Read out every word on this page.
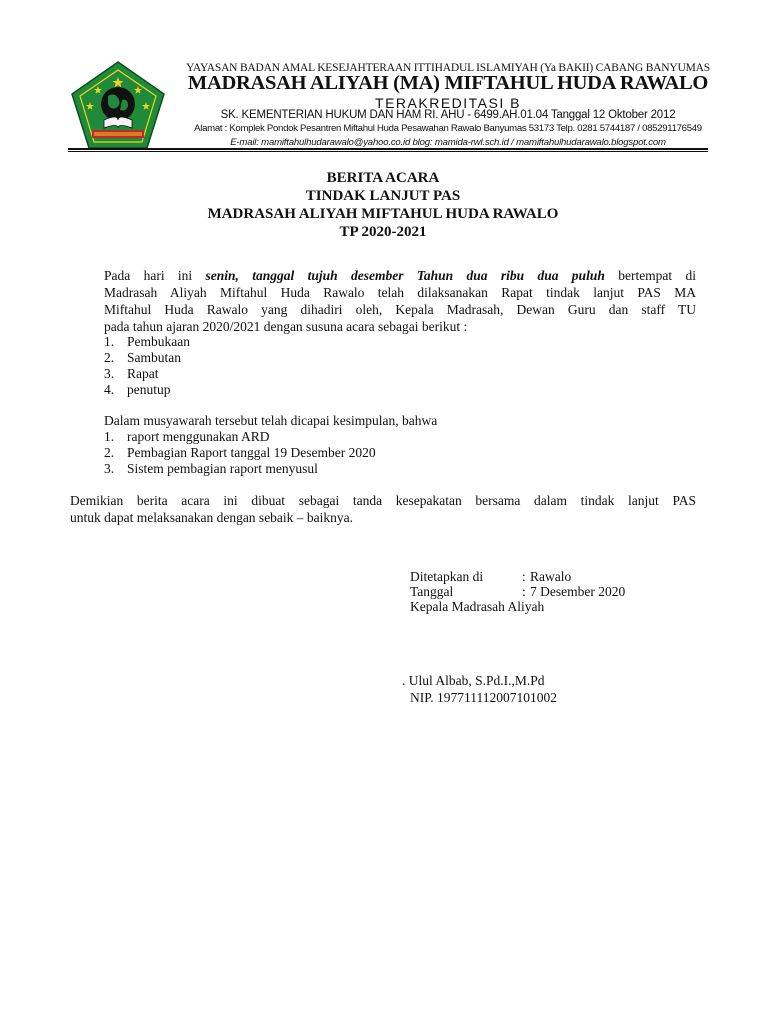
YAYASAN BADAN AMAL KESEJAHTERAAN ITTIHADUL ISLAMIYAH (Ya BAKII) CABANG BANYUMAS
MADRASAH ALIYAH (MA) MIFTAHUL HUDA RAWALO
TERAKREDITASI B
SK. KEMENTERIAN HUKUM DAN HAM RI. AHU - 6499.AH.01.04 Tanggal 12 Oktober 2012
Alamat : Komplek Pondok Pesantren Miftahul Huda Pesawahan Rawalo Banyumas 53173 Telp. 0281 5744187 / 085291176549
E-mail: mamiftahulhudarawalo@yahoo.co.id blog: mamida-rwl.sch.id / mamiftahulhudarawalo.blogspot.com
BERITA ACARA
TINDAK LANJUT PAS
MADRASAH ALIYAH MIFTAHUL HUDA RAWALO
TP 2020-2021
Pada hari ini senin, tanggal tujuh desember Tahun dua ribu dua puluh bertempat di
Madrasah Aliyah Miftahul Huda Rawalo telah dilaksanakan Rapat tindak lanjut PAS MA
Miftahul Huda Rawalo yang dihadiri oleh, Kepala Madrasah, Dewan Guru dan staff TU
pada tahun ajaran 2020/2021 dengan susuna acara sebagai berikut :
1. Pembukaan
2. Sambutan
3. Rapat
4. penutup
Dalam musyawarah tersebut telah dicapai kesimpulan, bahwa
1. raport menggunakan ARD
2. Pembagian Raport tanggal 19 Desember 2020
3. Sistem pembagian raport menyusul
Demikian berita acara ini dibuat sebagai tanda kesepakatan bersama dalam tindak lanjut PAS
untuk dapat melaksanakan dengan sebaik – baiknya.
Ditetapkan di	: Rawalo
Tanggal	: 7 Desember 2020
Kepala Madrasah Aliyah
. Ulul Albab, S.Pd.I.,M.Pd
NIP. 197711112007101002
